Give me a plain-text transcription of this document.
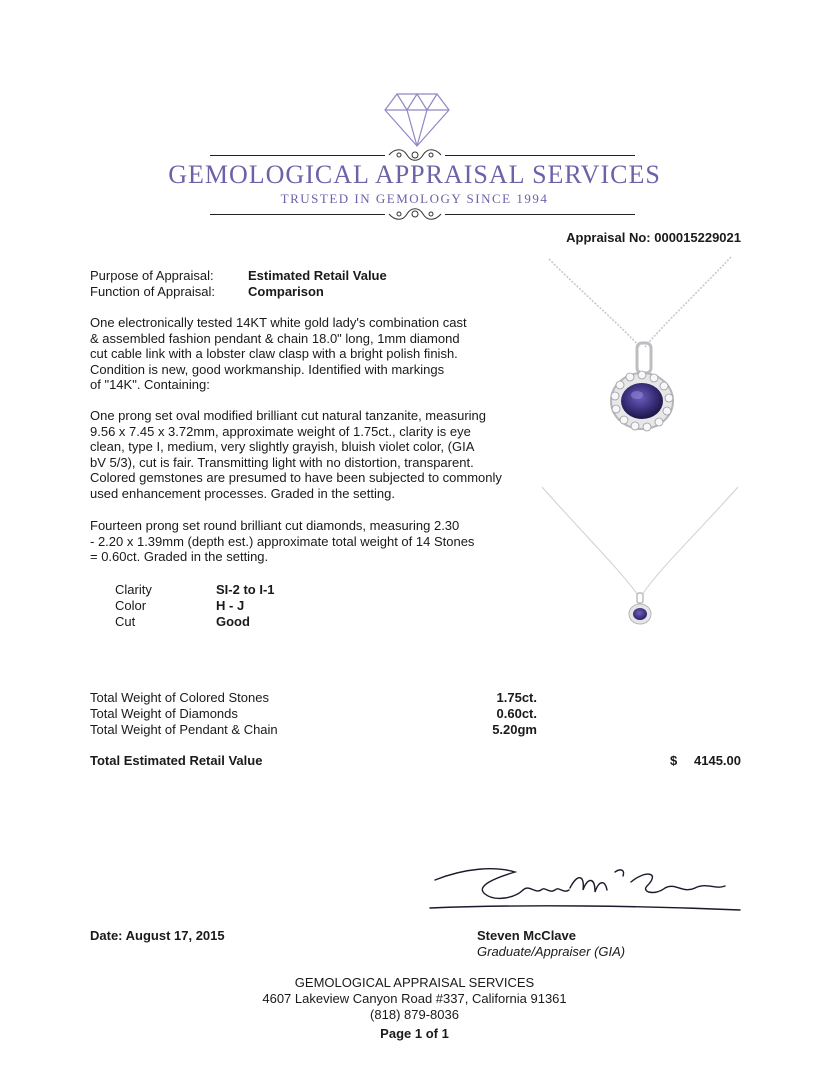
GEMOLOGICAL APPRAISAL SERVICES
TRUSTED IN GEMOLOGY SINCE 1994
Appraisal No: 000015229021
Purpose of Appraisal:	Estimated Retail Value
Function of Appraisal:	Comparison
One electronically tested 14KT white gold lady's combination cast
& assembled fashion pendant & chain 18.0" long, 1mm diamond
cut cable link with a lobster claw clasp with a bright polish finish.
Condition is new, good workmanship. Identified with markings
of "14K". Containing:
One prong set oval modified brilliant cut natural tanzanite, measuring
9.56 x 7.45 x 3.72mm, approximate weight of 1.75ct., clarity is eye
clean, type I, medium, very slightly grayish, bluish violet color, (GIA
bV 5/3), cut is fair. Transmitting light with no distortion, transparent.
Colored gemstones are presumed to have been subjected to commonly
used enhancement processes. Graded in the setting.
Fourteen prong set round brilliant cut diamonds, measuring 2.30
- 2.20 x 1.39mm (depth est.) approximate total weight of 14 Stones
= 0.60ct. Graded in the setting.
Clarity	SI-2 to I-1
Color	H - J
Cut	Good
Total Weight of Colored Stones	1.75ct.
Total Weight of Diamonds	0.60ct.
Total Weight of Pendant & Chain	5.20gm
Total Estimated Retail Value	$	4145.00
Date: August 17, 2015	Steven McClave
Graduate/Appraiser (GIA)
GEMOLOGICAL APPRAISAL SERVICES
4607 Lakeview Canyon Road #337, California 91361
(818) 879-8036
Page 1 of 1
